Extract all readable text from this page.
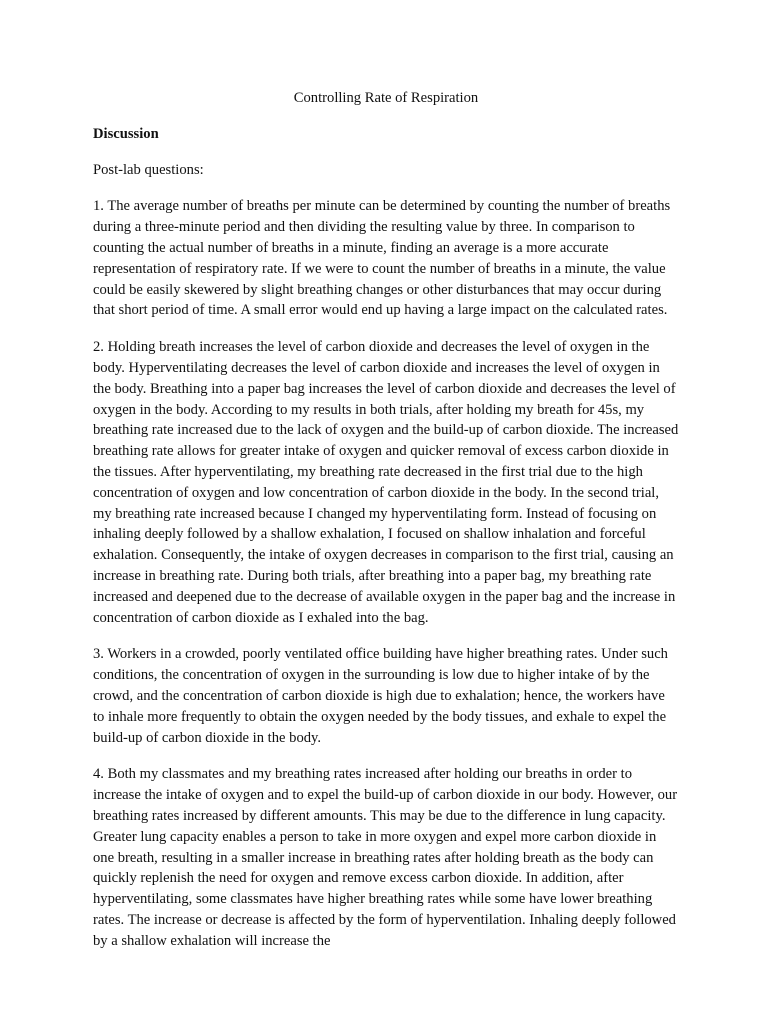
Controlling Rate of Respiration
Discussion
Post-lab questions:

1. The average number of breaths per minute can be determined by counting the number of breaths during a three-minute period and then dividing the resulting value by three. In comparison to counting the actual number of breaths in a minute, finding an average is a more accurate representation of respiratory rate. If we were to count the number of breaths in a minute, the value could be easily skewered by slight breathing changes or other disturbances that may occur during that short period of time. A small error would end up having a large impact on the calculated rates.

2. Holding breath increases the level of carbon dioxide and decreases the level of oxygen in the body. Hyperventilating decreases the level of carbon dioxide and increases the level of oxygen in the body. Breathing into a paper bag increases the level of carbon dioxide and decreases the level of oxygen in the body. According to my results in both trials, after holding my breath for 45s, my breathing rate increased due to the lack of oxygen and the build-up of carbon dioxide. The increased breathing rate allows for greater intake of oxygen and quicker removal of excess carbon dioxide in the tissues. After hyperventilating, my breathing rate decreased in the first trial due to the high concentration of oxygen and low concentration of carbon dioxide in the body. In the second trial, my breathing rate increased because I changed my hyperventilating form. Instead of focusing on inhaling deeply followed by a shallow exhalation, I focused on shallow inhalation and forceful exhalation. Consequently, the intake of oxygen decreases in comparison to the first trial, causing an increase in breathing rate. During both trials, after breathing into a paper bag, my breathing rate increased and deepened due to the decrease of available oxygen in the paper bag and the increase in concentration of carbon dioxide as I exhaled into the bag.

3. Workers in a crowded, poorly ventilated office building have higher breathing rates. Under such conditions, the concentration of oxygen in the surrounding is low due to higher intake of by the crowd, and the concentration of carbon dioxide is high due to exhalation; hence, the workers have to inhale more frequently to obtain the oxygen needed by the body tissues, and exhale to expel the build-up of carbon dioxide in the body.

4. Both my classmates and my breathing rates increased after holding our breaths in order to increase the intake of oxygen and to expel the build-up of carbon dioxide in our body. However, our breathing rates increased by different amounts. This may be due to the difference in lung capacity. Greater lung capacity enables a person to take in more oxygen and expel more carbon dioxide in one breath, resulting in a smaller increase in breathing rates after holding breath as the body can quickly replenish the need for oxygen and remove excess carbon dioxide. In addition, after hyperventilating, some classmates have higher breathing rates while some have lower breathing rates. The increase or decrease is affected by the form of hyperventilation. Inhaling deeply followed by a shallow exhalation will increase the
